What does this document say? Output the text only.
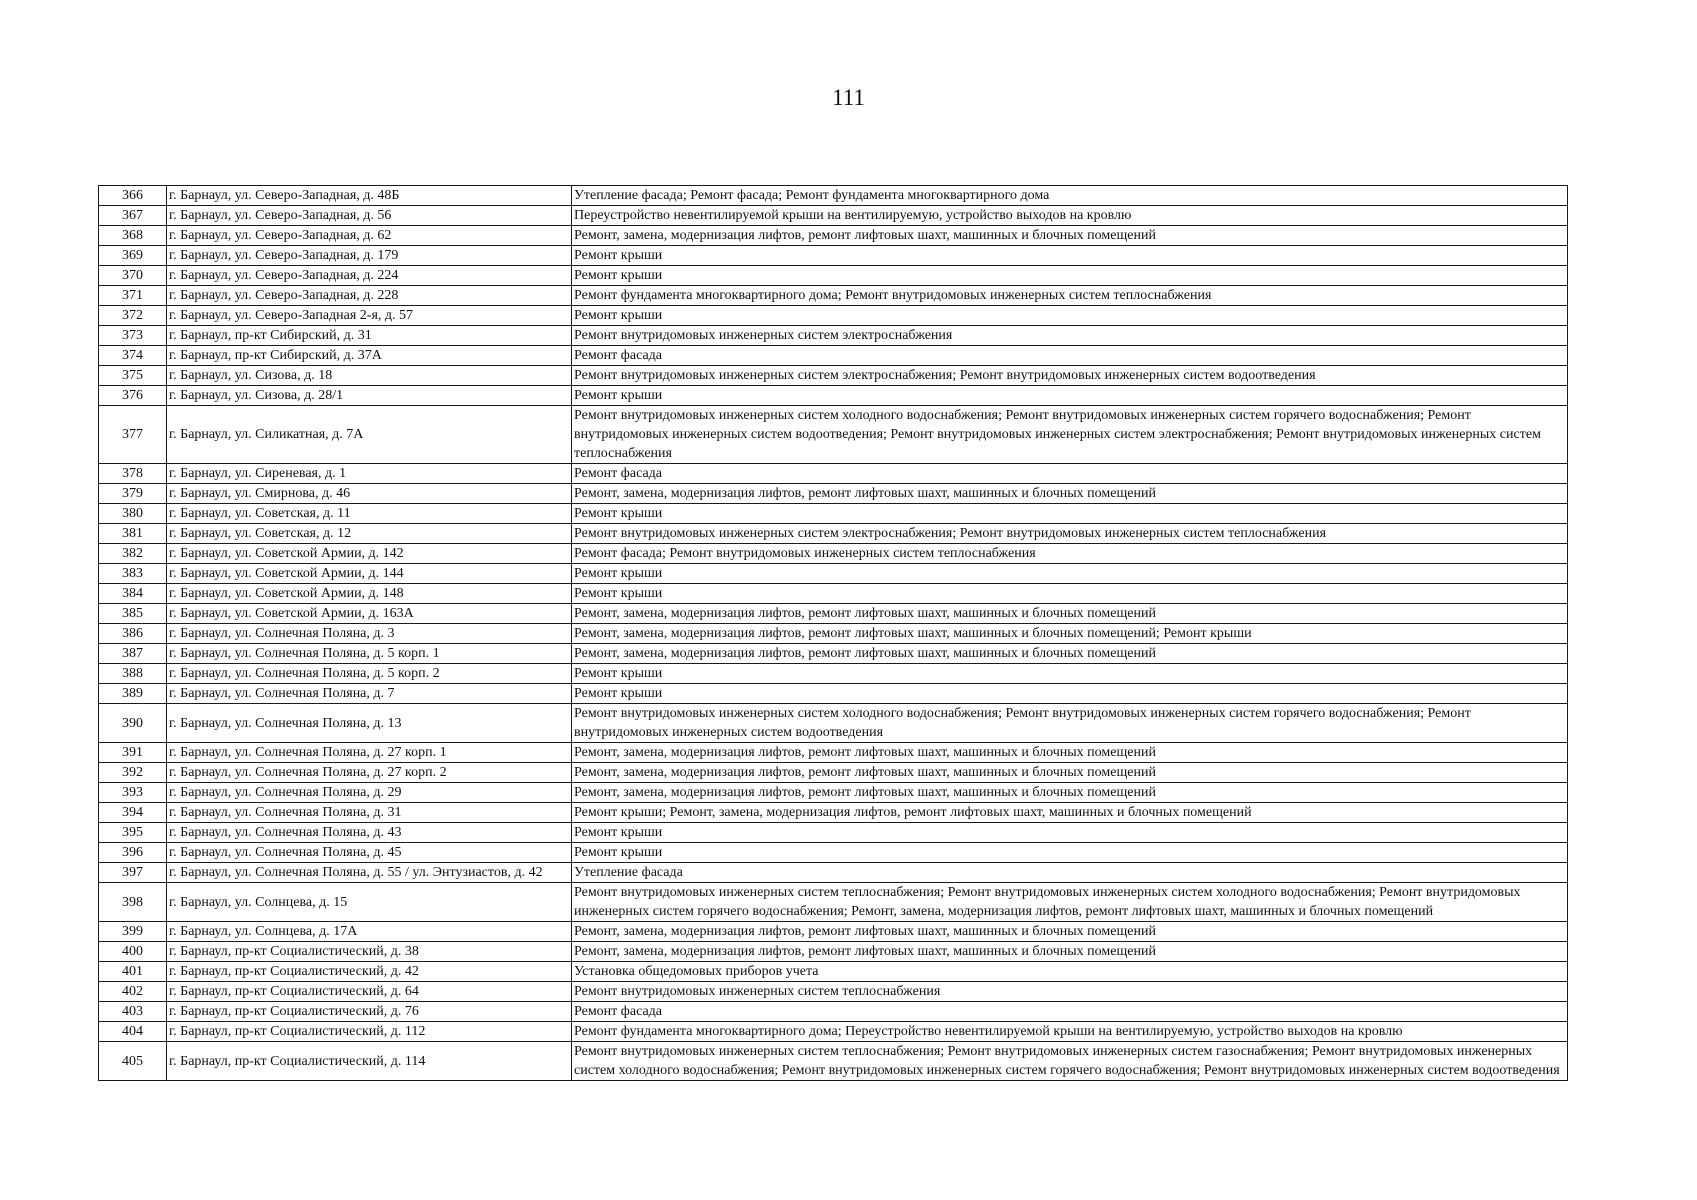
111
366	г. Барнаул, ул. Северо-Западная, д. 48Б	Утепление фасада; Ремонт фасада; Ремонт фундамента многоквартирного дома
367	г. Барнаул, ул. Северо-Западная, д. 56	Переустройство невентилируемой крыши на вентилируемую, устройство выходов на кровлю
368	г. Барнаул, ул. Северо-Западная, д. 62	Ремонт, замена, модернизация лифтов, ремонт лифтовых шахт, машинных и блочных помещений
369	г. Барнаул, ул. Северо-Западная, д. 179	Ремонт крыши
370	г. Барнаул, ул. Северо-Западная, д. 224	Ремонт крыши
371	г. Барнаул, ул. Северо-Западная, д. 228	Ремонт фундамента многоквартирного дома; Ремонт внутридомовых инженерных систем теплоснабжения
372	г. Барнаул, ул. Северо-Западная 2-я, д. 57	Ремонт крыши
373	г. Барнаул, пр-кт Сибирский, д. 31	Ремонт внутридомовых инженерных систем электроснабжения
374	г. Барнаул, пр-кт Сибирский, д. 37А	Ремонт фасада
375	г. Барнаул, ул. Сизова, д. 18	Ремонт внутридомовых инженерных систем электроснабжения; Ремонт внутридомовых инженерных систем водоотведения
376	г. Барнаул, ул. Сизова, д. 28/1	Ремонт крыши
377	г. Барнаул, ул. Силикатная, д. 7А	Ремонт внутридомовых инженерных систем холодного водоснабжения; Ремонт внутридомовых инженерных систем горячего водоснабжения; Ремонт внутридомовых инженерных систем водоотведения; Ремонт внутридомовых инженерных систем электроснабжения; Ремонт внутридомовых инженерных систем теплоснабжения
378	г. Барнаул, ул. Сиреневая, д. 1	Ремонт фасада
379	г. Барнаул, ул. Смирнова, д. 46	Ремонт, замена, модернизация лифтов, ремонт лифтовых шахт, машинных и блочных помещений
380	г. Барнаул, ул. Советская, д. 11	Ремонт крыши
381	г. Барнаул, ул. Советская, д. 12	Ремонт внутридомовых инженерных систем электроснабжения; Ремонт внутридомовых инженерных систем теплоснабжения
382	г. Барнаул, ул. Советской Армии, д. 142	Ремонт фасада; Ремонт внутридомовых инженерных систем теплоснабжения
383	г. Барнаул, ул. Советской Армии, д. 144	Ремонт крыши
384	г. Барнаул, ул. Советской Армии, д. 148	Ремонт крыши
385	г. Барнаул, ул. Советской Армии, д. 163А	Ремонт, замена, модернизация лифтов, ремонт лифтовых шахт, машинных и блочных помещений
386	г. Барнаул, ул. Солнечная Поляна, д. 3	Ремонт, замена, модернизация лифтов, ремонт лифтовых шахт, машинных и блочных помещений; Ремонт крыши
387	г. Барнаул, ул. Солнечная Поляна, д. 5 корп. 1	Ремонт, замена, модернизация лифтов, ремонт лифтовых шахт, машинных и блочных помещений
388	г. Барнаул, ул. Солнечная Поляна, д. 5 корп. 2	Ремонт крыши
389	г. Барнаул, ул. Солнечная Поляна, д. 7	Ремонт крыши
390	г. Барнаул, ул. Солнечная Поляна, д. 13	Ремонт внутридомовых инженерных систем холодного водоснабжения; Ремонт внутридомовых инженерных систем горячего водоснабжения; Ремонт внутридомовых инженерных систем водоотведения
391	г. Барнаул, ул. Солнечная Поляна, д. 27 корп. 1	Ремонт, замена, модернизация лифтов, ремонт лифтовых шахт, машинных и блочных помещений
392	г. Барнаул, ул. Солнечная Поляна, д. 27 корп. 2	Ремонт, замена, модернизация лифтов, ремонт лифтовых шахт, машинных и блочных помещений
393	г. Барнаул, ул. Солнечная Поляна, д. 29	Ремонт, замена, модернизация лифтов, ремонт лифтовых шахт, машинных и блочных помещений
394	г. Барнаул, ул. Солнечная Поляна, д. 31	Ремонт крыши; Ремонт, замена, модернизация лифтов, ремонт лифтовых шахт, машинных и блочных помещений
395	г. Барнаул, ул. Солнечная Поляна, д. 43	Ремонт крыши
396	г. Барнаул, ул. Солнечная Поляна, д. 45	Ремонт крыши
397	г. Барнаул, ул. Солнечная Поляна, д. 55 / ул. Энтузиастов, д. 42	Утепление фасада
398	г. Барнаул, ул. Солнцева, д. 15	Ремонт внутридомовых инженерных систем теплоснабжения; Ремонт внутридомовых инженерных систем холодного водоснабжения; Ремонт внутридомовых инженерных систем горячего водоснабжения; Ремонт, замена, модернизация лифтов, ремонт лифтовых шахт, машинных и блочных помещений
399	г. Барнаул, ул. Солнцева, д. 17А	Ремонт, замена, модернизация лифтов, ремонт лифтовых шахт, машинных и блочных помещений
400	г. Барнаул, пр-кт Социалистический, д. 38	Ремонт, замена, модернизация лифтов, ремонт лифтовых шахт, машинных и блочных помещений
401	г. Барнаул, пр-кт Социалистический, д. 42	Установка общедомовых приборов учета
402	г. Барнаул, пр-кт Социалистический, д. 64	Ремонт внутридомовых инженерных систем теплоснабжения
403	г. Барнаул, пр-кт Социалистический, д. 76	Ремонт фасада
404	г. Барнаул, пр-кт Социалистический, д. 112	Ремонт фундамента многоквартирного дома; Переустройство невентилируемой крыши на вентилируемую, устройство выходов на кровлю
405	г. Барнаул, пр-кт Социалистический, д. 114	Ремонт внутридомовых инженерных систем теплоснабжения; Ремонт внутридомовых инженерных систем газоснабжения; Ремонт внутридомовых инженерных систем холодного водоснабжения; Ремонт внутридомовых инженерных систем горячего водоснабжения; Ремонт внутридомовых инженерных систем водоотведения
